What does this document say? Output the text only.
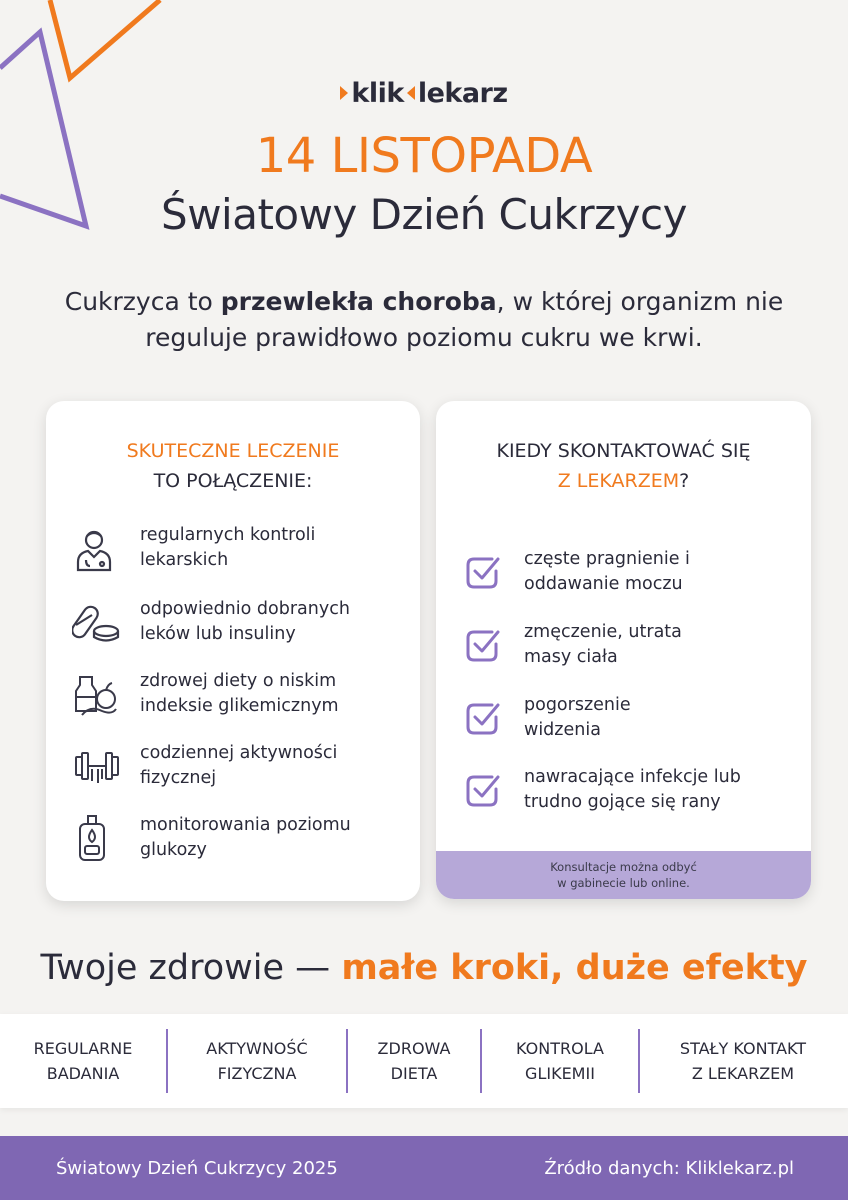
klik lekarz
14 LISTOPADA
Światowy Dzień Cukrzycy
Cukrzyca to przewlekła choroba, w której organizm nie reguluje prawidłowo poziomu cukru we krwi.
SKUTECZNE LECZENIE
TO POŁĄCZENIE:
regularnych kontroli
lekarskich
odpowiednio dobranych
leków lub insuliny
zdrowej diety o niskim
indeksie glikemicznym
codziennej aktywności
fizycznej
monitorowania poziomu
glukozy
KIEDY SKONTAKTOWAĆ SIĘ
Z LEKARZEM?
częste pragnienie i
oddawanie moczu
zmęczenie, utrata
masy ciała
pogorszenie
widzenia
nawracające infekcje lub
trudno gojące się rany
Konsultacje można odbyć
w gabinecie lub online.
Twoje zdrowie — małe kroki, duże efekty
REGULARNE
BADANIA
AKTYWNOŚĆ
FIZYCZNA
ZDROWA
DIETA
KONTROLA
GLIKEMII
STAŁY KONTAKT
Z LEKARZEM
Światowy Dzień Cukrzycy 2025	Źródło danych: Kliklekarz.pl
